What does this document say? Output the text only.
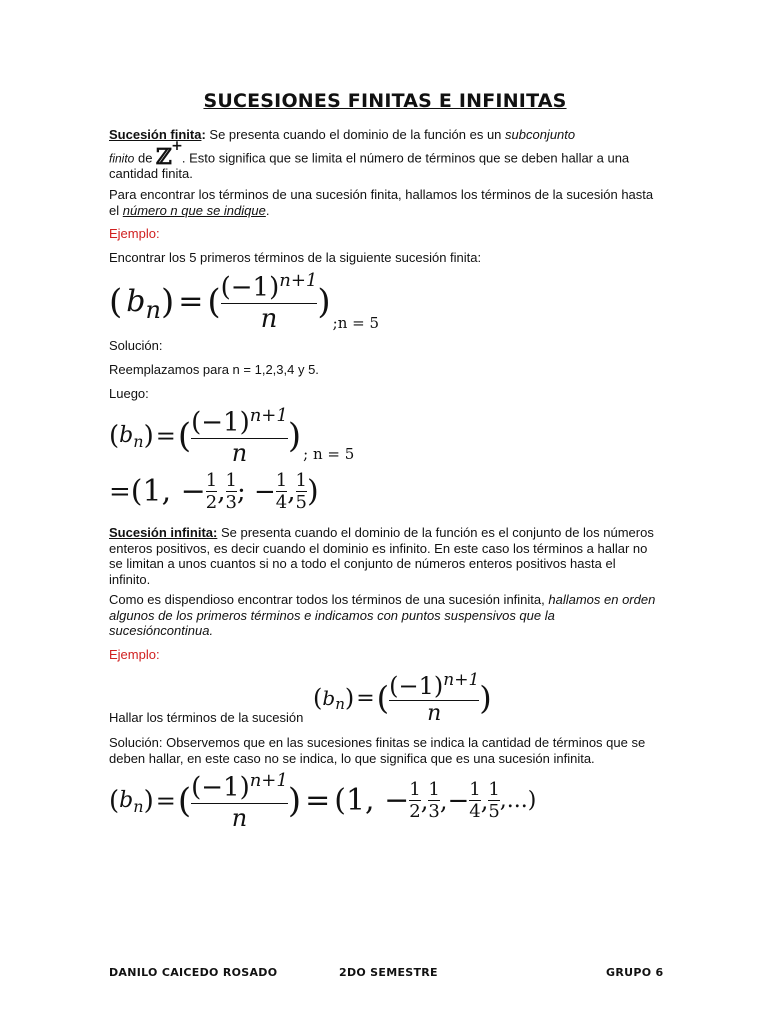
SUCESIONES FINITAS E INFINITAS
Sucesión finita: Se presenta cuando el dominio de la función es un subconjunto
finito de ℤ+. Esto significa que se limita el número de términos que se deben hallar a una cantidad finita.
Para encontrar los términos de una sucesión finita, hallamos los términos de la sucesión hasta el número n que se indique.
Ejemplo:
Encontrar los 5 primeros términos de la siguiente sucesión finita:
( b n ) = ( $\frac{(-1)^{n+1}}{n}$ )
;n = 5
Solución:
Reemplazamos para n = 1,2,3,4 y 5.
Luego:
( b n ) = ( $\frac{(-1)^{n+1}}{n}$ ) ; n = 5
= (1, − $\frac{1}{2}$ , $\frac{1}{3}$ ; − $\frac{1}{4}$ , $\frac{1}{5}$ )
Sucesión infinita: Se presenta cuando el dominio de la función es el conjunto de los números enteros positivos, es decir cuando el dominio es infinito. En este caso los términos a hallar no se limitan a unos cuantos si no a todo el conjunto de números enteros positivos hasta el infinito.
Como es dispendioso encontrar todos los términos de una sucesión infinita, hallamos en orden algunos de los primeros términos e indicamos con puntos suspensivos que la sucesióncontinua.
Ejemplo:
Hallar los términos de la sucesión
( b n ) = ( $\frac{(-1)^{n+1}}{n}$ )
Solución: Observemos que en las sucesiones finitas se indica la cantidad de términos que se deben hallar, en este caso no se indica, lo que significa que es una sucesión infinita.
( b n ) = ( $\frac{(-1)^{n+1}}{n}$ ) = (1, − $\frac{1}{2}$ , $\frac{1}{3}$ , − $\frac{1}{4}$ , $\frac{1}{5}$ ,...)
DANILO CAICEDO ROSADO	2DO SEMESTRE	GRUPO 6
